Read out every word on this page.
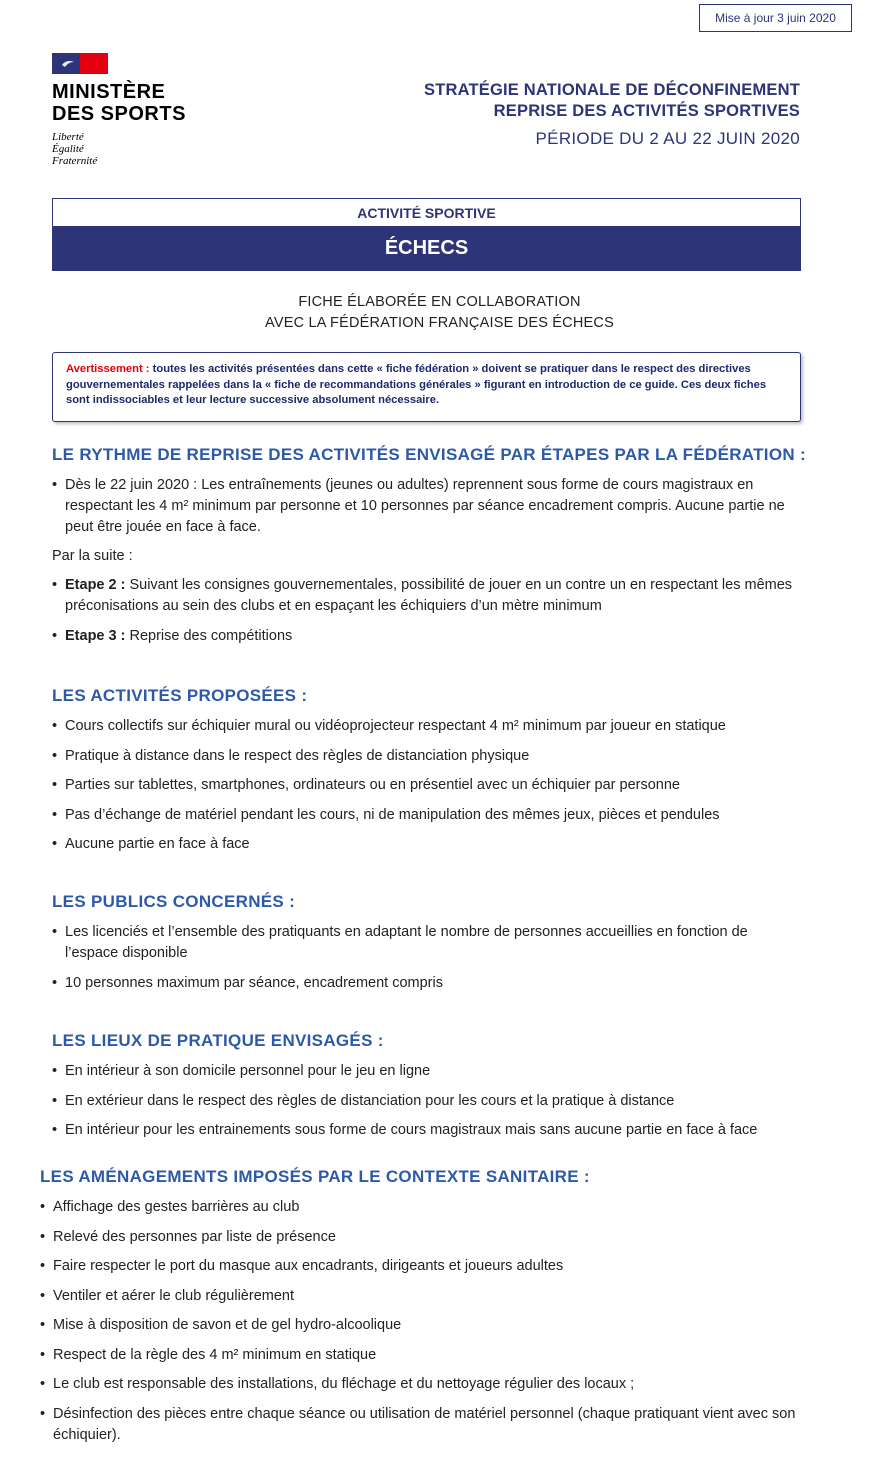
Mise à jour 3 juin 2020
MINISTÈRE
DES SPORTS
Liberté
Égalité
Fraternité
STRATÉGIE NATIONALE DE DÉCONFINEMENT
REPRISE DES ACTIVITÉS SPORTIVES
PÉRIODE DU 2 AU 22 JUIN 2020
ACTIVITÉ SPORTIVE
ÉCHECS
FICHE ÉLABORÉE EN COLLABORATION
AVEC LA FÉDÉRATION FRANÇAISE DES ÉCHECS
Avertissement : toutes les activités présentées dans cette « fiche fédération » doivent se pratiquer dans le respect des directives gouvernementales rappelées dans la « fiche de recommandations générales » figurant en introduction de ce guide. Ces deux fiches sont indissociables et leur lecture successive absolument nécessaire.
LE RYTHME DE REPRISE DES ACTIVITÉS ENVISAGÉ PAR ÉTAPES PAR LA FÉDÉRATION :
• Dès le 22 juin 2020 : Les entraînements (jeunes ou adultes) reprennent sous forme de cours magistraux en respectant les 4 m² minimum par personne et 10 personnes par séance encadrement compris. Aucune partie ne peut être jouée en face à face.
Par la suite :
• Etape 2 : Suivant les consignes gouvernementales, possibilité de jouer en un contre un en respectant les mêmes préconisations au sein des clubs et en espaçant les échiquiers d’un mètre minimum
• Etape 3 : Reprise des compétitions
LES ACTIVITÉS PROPOSÉES :
• Cours collectifs sur échiquier mural ou vidéoprojecteur respectant 4 m² minimum par joueur en statique
• Pratique à distance dans le respect des règles de distanciation physique
• Parties sur tablettes, smartphones, ordinateurs ou en présentiel avec un échiquier par personne
• Pas d’échange de matériel pendant les cours, ni de manipulation des mêmes jeux, pièces et pendules
• Aucune partie en face à face
LES PUBLICS CONCERNÉS :
• Les licenciés et l’ensemble des pratiquants en adaptant le nombre de personnes accueillies en fonction de l’espace disponible
• 10 personnes maximum par séance, encadrement compris
LES LIEUX DE PRATIQUE ENVISAGÉS :
• En intérieur à son domicile personnel pour le jeu en ligne
• En extérieur dans le respect des règles de distanciation pour les cours et la pratique à distance
• En intérieur pour les entrainements sous forme de cours magistraux mais sans aucune partie en face à face
LES AMÉNAGEMENTS IMPOSÉS PAR LE CONTEXTE SANITAIRE :
• Affichage des gestes barrières au club
• Relevé des personnes par liste de présence
• Faire respecter le port du masque aux encadrants, dirigeants et joueurs adultes
• Ventiler et aérer le club régulièrement
• Mise à disposition de savon et de gel hydro-alcoolique
• Respect de la règle des 4 m² minimum en statique
• Le club est responsable des installations, du fléchage et du nettoyage régulier des locaux ;
• Désinfection des pièces entre chaque séance ou utilisation de matériel personnel (chaque pratiquant vient avec son échiquier).
